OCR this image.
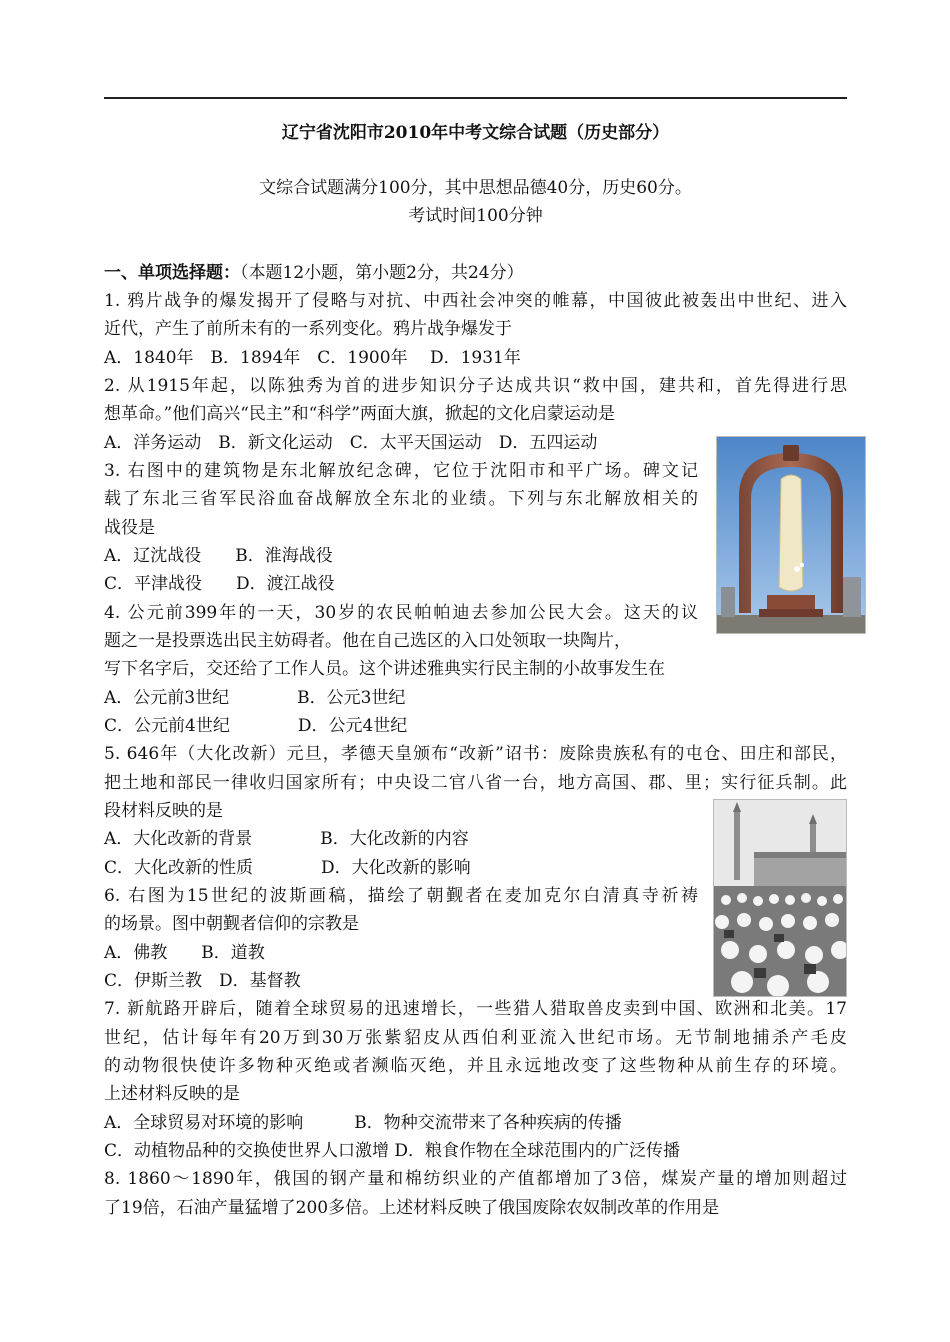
辽宁省沈阳市2010年中考文综合试题（历史部分）
文综合试题满分100分，其中思想品德40分，历史60分。
考试时间100分钟
一、单项选择题：（本题12小题，第小题2分，共24分）
1. 鸦片战争的爆发揭开了侵略与对抗、中西社会冲突的帷幕，中国彼此被轰出中世纪、进入
近代，产生了前所未有的一系列变化。鸦片战争爆发于
A．1840年　B．1894年　C．1900年　 D．1931年
2. 从1915年起，以陈独秀为首的进步知识分子达成共识“救中国，建共和，首先得进行思
想革命。”他们高兴“民主”和“科学”两面大旗，掀起的文化启蒙运动是
A．洋务运动　B．新文化运动　C．太平天国运动　D．五四运动
3. 右图中的建筑物是东北解放纪念碑，它位于沈阳市和平广场。碑文记
载了东北三省军民浴血奋战解放全东北的业绩。下列与东北解放相关的
战役是
A．辽沈战役　　B．淮海战役
C．平津战役　　D．渡江战役
4. 公元前399年的一天，30岁的农民帕帕迪去参加公民大会。这天的议
题之一是投票选出民主妨碍者。他在自己选区的入口处领取一块陶片，
写下名字后，交还给了工作人员。这个讲述雅典实行民主制的小故事发生在
A．公元前3世纪　　　　B．公元3世纪
C．公元前4世纪　　　　D．公元4世纪
5. 646年（大化改新）元旦，孝德天皇颁布“改新”诏书：废除贵族私有的屯仓、田庄和部民，
把土地和部民一律收归国家所有；中央设二官八省一台，地方高国、郡、里；实行征兵制。此
段材料反映的是
A．大化改新的背景　　　　B．大化改新的内容
C．大化改新的性质　　　　D．大化改新的影响
6. 右图为15世纪的波斯画稿，描绘了朝觐者在麦加克尔白清真寺祈祷
的场景。图中朝觐者信仰的宗教是
A．佛教　　B．道教
C．伊斯兰教　D．基督教
7. 新航路开辟后，随着全球贸易的迅速增长，一些猎人猎取兽皮卖到中国、欧洲和北美。17
世纪，估计每年有20万到30万张紫貂皮从西伯利亚流入世纪市场。无节制地捕杀产毛皮
的动物很快使许多物种灭绝或者濒临灭绝，并且永远地改变了这些物种从前生存的环境。
上述材料反映的是
A．全球贸易对环境的影响　　　B．物种交流带来了各种疾病的传播
C．动植物品种的交换使世界人口激增 D．粮食作物在全球范围内的广泛传播
8. 1860～1890年，俄国的钢产量和棉纺织业的产值都增加了3倍，煤炭产量的增加则超过
了19倍，石油产量猛增了200多倍。上述材料反映了俄国废除农奴制改革的作用是
